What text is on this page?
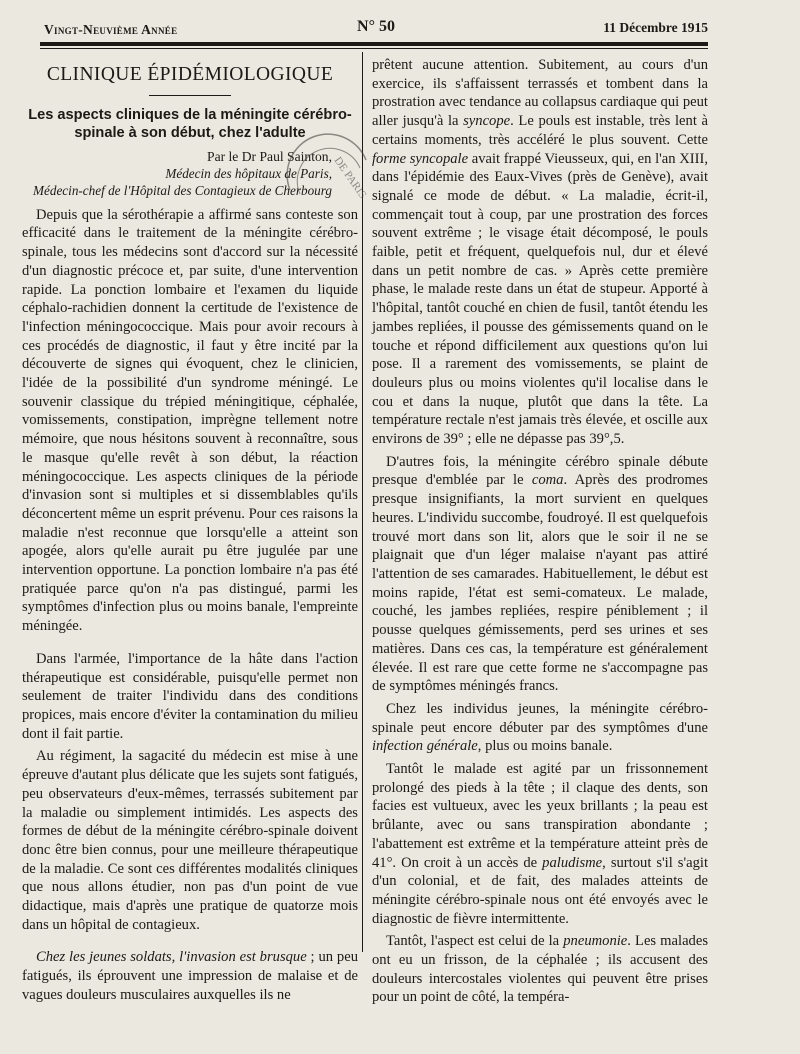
Vingt-Neuvième Année	N° 50	11 Décembre 1915
CLINIQUE ÉPIDÉMIOLOGIQUE
Les aspects cliniques de la méningite cérébro-spinale à son début, chez l'adulte
Par le Dr Paul Sainton,
Médecin des hôpitaux de Paris,
Médecin-chef de l'Hôpital des Contagieux de Cherbourg

Depuis que la sérothérapie a affirmé sans conteste son efficacité dans le traitement de la méningite cérébro-spinale, tous les médecins sont d'accord sur la nécessité d'un diagnostic précoce et, par suite, d'une intervention rapide. La ponction lombaire et l'examen du liquide céphalo-rachidien donnent la certitude de l'existence de l'infection méningococcique. Mais pour avoir recours à ces procédés de diagnostic, il faut y être incité par la découverte de signes qui évoquent, chez le clinicien, l'idée de la possibilité d'un syndrome méningé. Le souvenir classique du trépied méningitique, céphalée, vomissements, constipation, imprègne tellement notre mémoire, que nous hésitons souvent à reconnaître, sous le masque qu'elle revêt à son début, la réaction méningococcique. Les aspects cliniques de la période d'invasion sont si multiples et si dissemblables qu'ils déconcertent même un esprit prévenu. Pour ces raisons la maladie n'est reconnue que lorsqu'elle a atteint son apogée, alors qu'elle aurait pu être jugulée par une intervention opportune. La ponction lombaire n'a pas été pratiquée parce qu'on n'a pas distingué, parmi les symptômes d'infection plus ou moins banale, l'empreinte méningée.

Dans l'armée, l'importance de la hâte dans l'action thérapeutique est considérable, puisqu'elle permet non seulement de traiter l'individu dans des conditions propices, mais encore d'éviter la contamination du milieu dont il fait partie.

Au régiment, la sagacité du médecin est mise à une épreuve d'autant plus délicate que les sujets sont fatigués, peu observateurs d'eux-mêmes, terrassés subitement par la maladie ou simplement intimidés. Les aspects des formes de début de la méningite cérébro-spinale doivent donc être bien connus, pour une meilleure thérapeutique de la maladie. Ce sont ces différentes modalités cliniques que nous allons étudier, non pas d'un point de vue didactique, mais d'après une pratique de quatorze mois dans un hôpital de contagieux.

Chez les jeunes soldats, l'invasion est brusque ; un peu fatigués, ils éprouvent une impression de malaise et de vagues douleurs musculaires auxquelles ils ne

DE PARIS

prêtent aucune attention. Subitement, au cours d'un exercice, ils s'affaissent terrassés et tombent dans la prostration avec tendance au collapsus cardiaque qui peut aller jusqu'à la syncope. Le pouls est instable, très lent à certains moments, très accéléré le plus souvent. Cette forme syncopale avait frappé Vieusseux, qui, en l'an XIII, dans l'épidémie des Eaux-Vives (près de Genève), avait signalé ce mode de début. « La maladie, écrit-il, commençait tout à coup, par une prostration des forces souvent extrême ; le visage était décomposé, le pouls faible, petit et fréquent, quelquefois nul, dur et élevé dans un petit nombre de cas. » Après cette première phase, le malade reste dans un état de stupeur. Apporté à l'hôpital, tantôt couché en chien de fusil, tantôt étendu les jambes repliées, il pousse des gémissements quand on le touche et répond difficilement aux questions qu'on lui pose. Il a rarement des vomissements, se plaint de douleurs plus ou moins violentes qu'il localise dans le cou et dans la nuque, plutôt que dans la tête. La température rectale n'est jamais très élevée, et oscille aux environs de 39° ; elle ne dépasse pas 39°,5.

D'autres fois, la méningite cérébro spinale débute presque d'emblée par le coma. Après des prodromes presque insignifiants, la mort survient en quelques heures. L'individu succombe, foudroyé. Il est quelquefois trouvé mort dans son lit, alors que le soir il ne se plaignait que d'un léger malaise n'ayant pas attiré l'attention de ses camarades. Habituellement, le début est moins rapide, l'état est semi-comateux. Le malade, couché, les jambes repliées, respire péniblement ; il pousse quelques gémissements, perd ses urines et ses matières. Dans ces cas, la température est généralement élevée. Il est rare que cette forme ne s'accompagne pas de symptômes méningés francs.

Chez les individus jeunes, la méningite cérébro-spinale peut encore débuter par des symptômes d'une infection générale, plus ou moins banale.

Tantôt le malade est agité par un frissonnement prolongé des pieds à la tête ; il claque des dents, son facies est vultueux, avec les yeux brillants ; la peau est brûlante, avec ou sans transpiration abondante ; l'abattement est extrême et la température atteint près de 41°. On croit à un accès de paludisme, surtout s'il s'agit d'un colonial, et de fait, des malades atteints de méningite cérébro-spinale nous ont été envoyés avec le diagnostic de fièvre intermittente.

Tantôt, l'aspect est celui de la pneumonie. Les malades ont eu un frisson, de la céphalée ; ils accusent des douleurs intercostales violentes qui peuvent être prises pour un point de côté, la tempéra-
